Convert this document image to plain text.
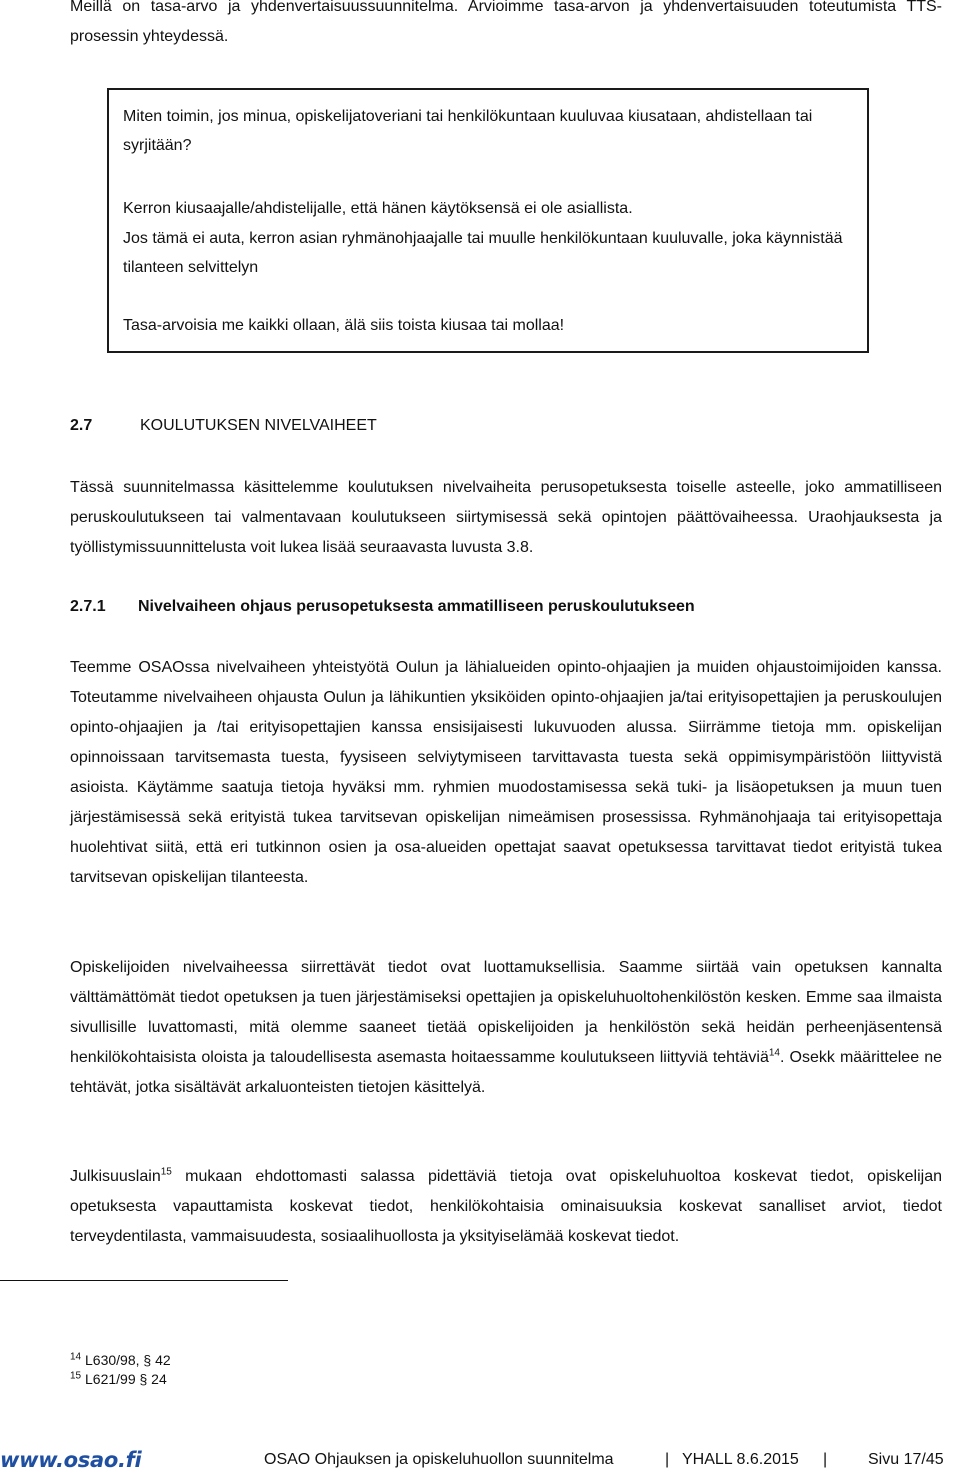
Meillä on tasa-arvo ja yhdenvertaisuussuunnitelma. Arvioimme tasa-arvon ja yhdenvertaisuuden toteutumista TTS-prosessin yhteydessä.

Miten toimin, jos minua, opiskelijatoveriani tai henkilökuntaan kuuluvaa kiusataan, ahdistellaan tai syrjitään?

Kerron kiusaajalle/ahdistelijalle, että hänen käytöksensä ei ole asiallista.

Jos tämä ei auta, kerron asian ryhmänohjaajalle tai muulle henkilökuntaan kuuluvalle, joka käynnistää tilanteen selvittelyn

Tasa-arvoisia me kaikki ollaan, älä siis toista kiusaa tai mollaa!

2.7	KOULUTUKSEN NIVELVAIHEET

Tässä suunnitelmassa käsittelemme koulutuksen nivelvaiheita perusopetuksesta toiselle asteelle, joko ammatilliseen peruskoulutukseen tai valmentavaan koulutukseen siirtymisessä sekä opintojen päättövaiheessa. Uraohjauksesta ja työllistymissuunnittelusta voit lukea lisää seuraavasta luvusta 3.8.

2.7.1 Nivelvaiheen ohjaus perusopetuksesta ammatilliseen peruskoulutukseen

Teemme OSAOssa nivelvaiheen yhteistyötä Oulun ja lähialueiden opinto-ohjaajien ja muiden ohjaustoimijoiden kanssa. Toteutamme nivelvaiheen ohjausta Oulun ja lähikuntien yksiköiden opinto-ohjaajien ja/tai erityisopettajien ja peruskoulujen opinto-ohjaajien ja /tai erityisopettajien kanssa ensisijaisesti lukuvuoden alussa. Siirrämme tietoja mm. opiskelijan opinnoissaan tarvitsemasta tuesta, fyysiseen selviytymiseen tarvittavasta tuesta sekä oppimisympäristöön liittyvistä asioista. Käytämme saatuja tietoja hyväksi mm. ryhmien muodostamisessa sekä tuki- ja lisäopetuksen ja muun tuen järjestämisessä sekä erityistä tukea tarvitsevan opiskelijan nimeämisen prosessissa. Ryhmänohjaaja tai erityisopettaja huolehtivat siitä, että eri tutkinnon osien ja osa-alueiden opettajat saavat opetuksessa tarvittavat tiedot erityistä tukea tarvitsevan opiskelijan tilanteesta.

Opiskelijoiden nivelvaiheessa siirrettävät tiedot ovat luottamuksellisia. Saamme siirtää vain opetuksen kannalta välttämättömät tiedot opetuksen ja tuen järjestämiseksi opettajien ja opiskeluhuoltohenkilöstön kesken. Emme saa ilmaista sivullisille luvattomasti, mitä olemme saaneet tietää opiskelijoiden ja henkilöstön sekä heidän perheenjäsentensä henkilökohtaisista oloista ja taloudellisesta asemasta hoitaessamme koulutukseen liittyviä tehtäviä$^{14}$. Osekk määrittelee ne tehtävät, jotka sisältävät arkaluonteisten tietojen käsittelyä.

Julkisuuslain$^{15}$ mukaan ehdottomasti salassa pidettäviä tietoja ovat opiskeluhuoltoa koskevat tiedot, opiskelijan opetuksesta vapauttamista koskevat tiedot, henkilökohtaisia ominaisuuksia koskevat sanalliset arviot, tiedot terveydentilasta, vammaisuudesta, sosiaalihuollosta ja yksityiselämää koskevat tiedot.

$^{14}$ L630/98, § 42

$^{15}$ L621/99 § 24

www.osao.fi	OSAO Ohjauksen ja opiskeluhuollon suunnitelma	| YHALL 8.6.2015 |	Sivu 17/45
